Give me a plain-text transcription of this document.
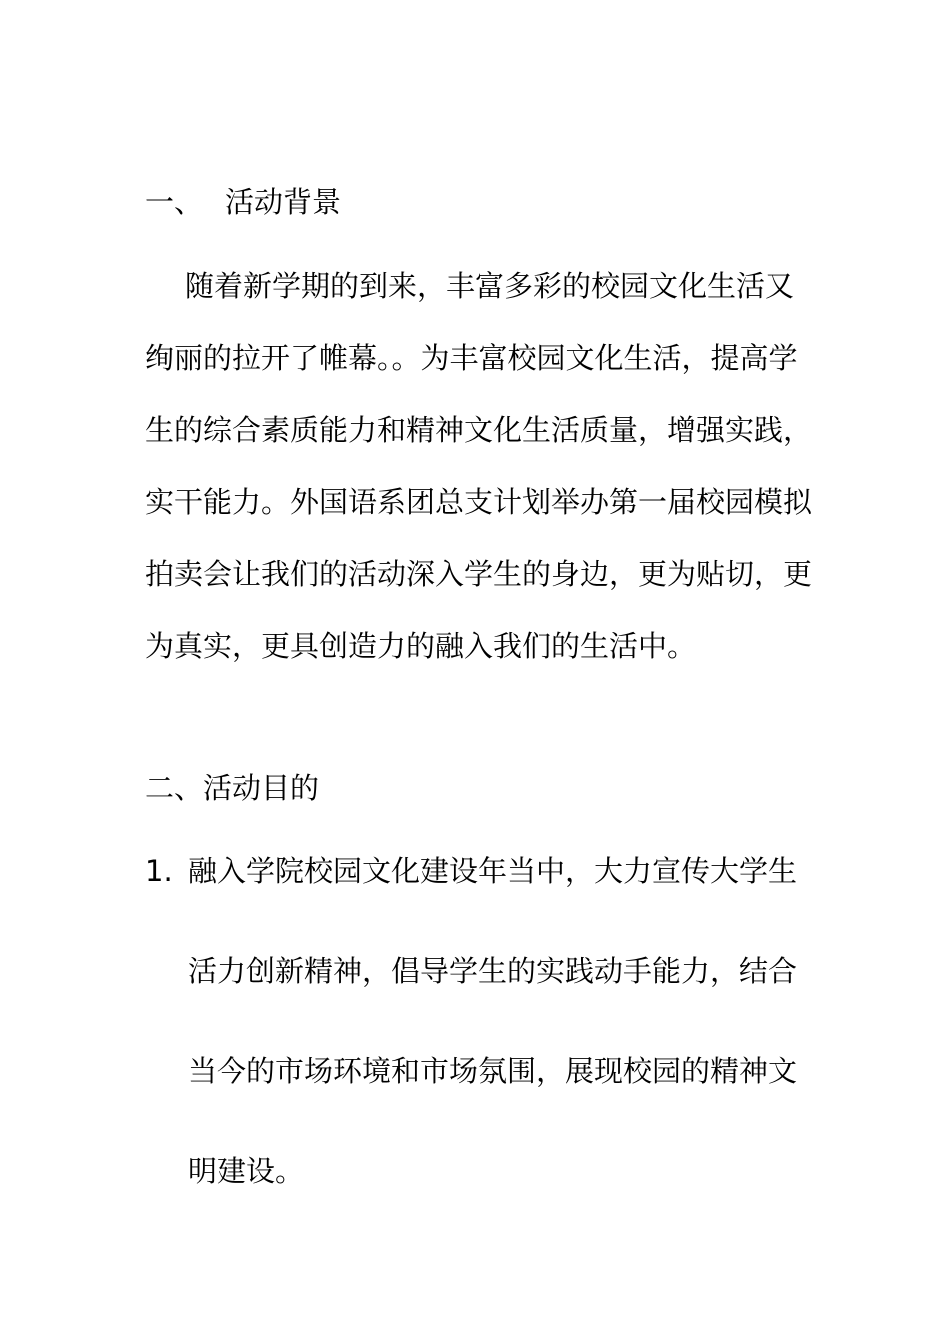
一、 活动背景
随着新学期的到来，丰富多彩的校园文化生活又
绚丽的拉开了帷幕。。为丰富校园文化生活，提高学
生的综合素质能力和精神文化生活质量，增强实践，
实干能力。外国语系团总支计划举办第一届校园模拟
拍卖会让我们的活动深入学生的身边，更为贴切，更
为真实，更具创造力的融入我们的生活中。
二、活动目的
1. 融入学院校园文化建设年当中，大力宣传大学生
活力创新精神，倡导学生的实践动手能力，结合
当今的市场环境和市场氛围，展现校园的精神文
明建设。
